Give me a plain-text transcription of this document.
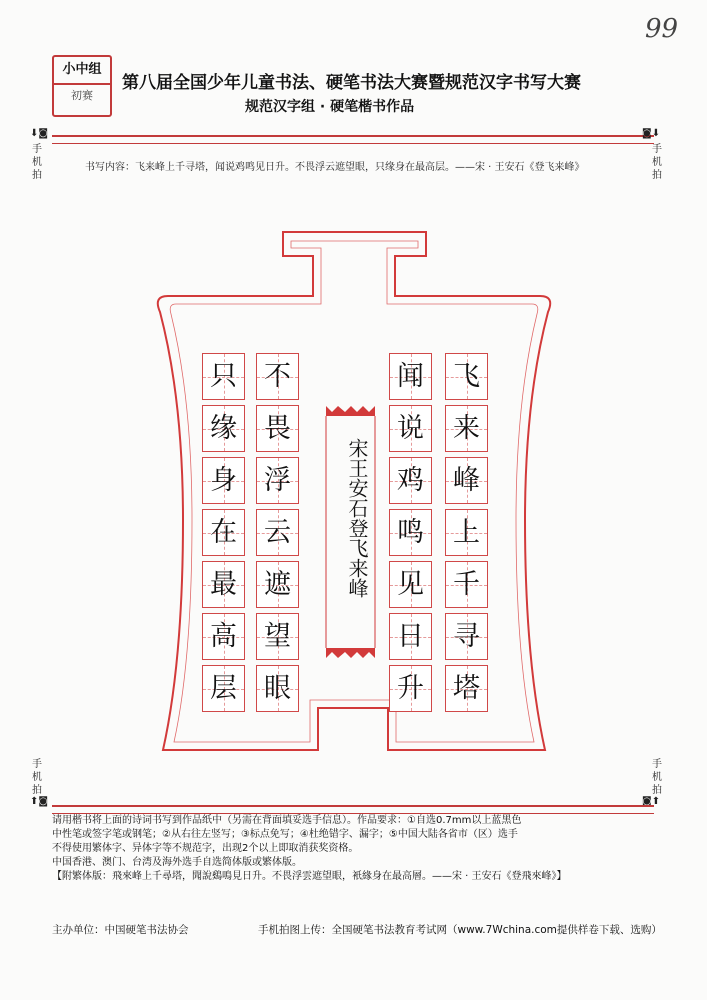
99
小中组
初赛
第八届全国少年儿童书法、硬笔书法大赛暨规范汉字书写大赛
规范汉字组 · 硬笔楷书作品
⬇◙	◙⬇
⬆◙	◙⬆
手机拍
手机拍
手机拍
手机拍
书写内容：飞来峰上千寻塔，闻说鸡鸣见日升。不畏浮云遮望眼，只缘身在最高层。——宋 · 王安石《登飞来峰》
飞
来
峰
上
千
寻
塔
闻
说
鸡
鸣
见
日
升
不
畏
浮
云
遮
望
眼
只
缘
身
在
最
高
层
宋王安石登飞来峰
请用楷书将上面的诗词书写到作品纸中（另需在背面填妥选手信息）。作品要求：①自选0.7mm以上蓝黑色
中性笔或签字笔或钢笔；②从右往左竖写；③标点免写；④杜绝错字、漏字；⑤中国大陆各省市（区）选手
不得使用繁体字、异体字等不规范字，出现2个以上即取消获奖资格。
中国香港、澳门、台湾及海外选手自选简体版或繁体版。
【附繁体版：飛來峰上千尋塔，聞說鷄鳴見日升。不畏浮雲遮望眼，衹緣身在最高層。——宋 · 王安石《登飛來峰》】
主办单位：中国硬笔书法协会	手机拍图上传：全国硬笔书法教育考试网（www.7Wchina.com提供样卷下载、选购）
